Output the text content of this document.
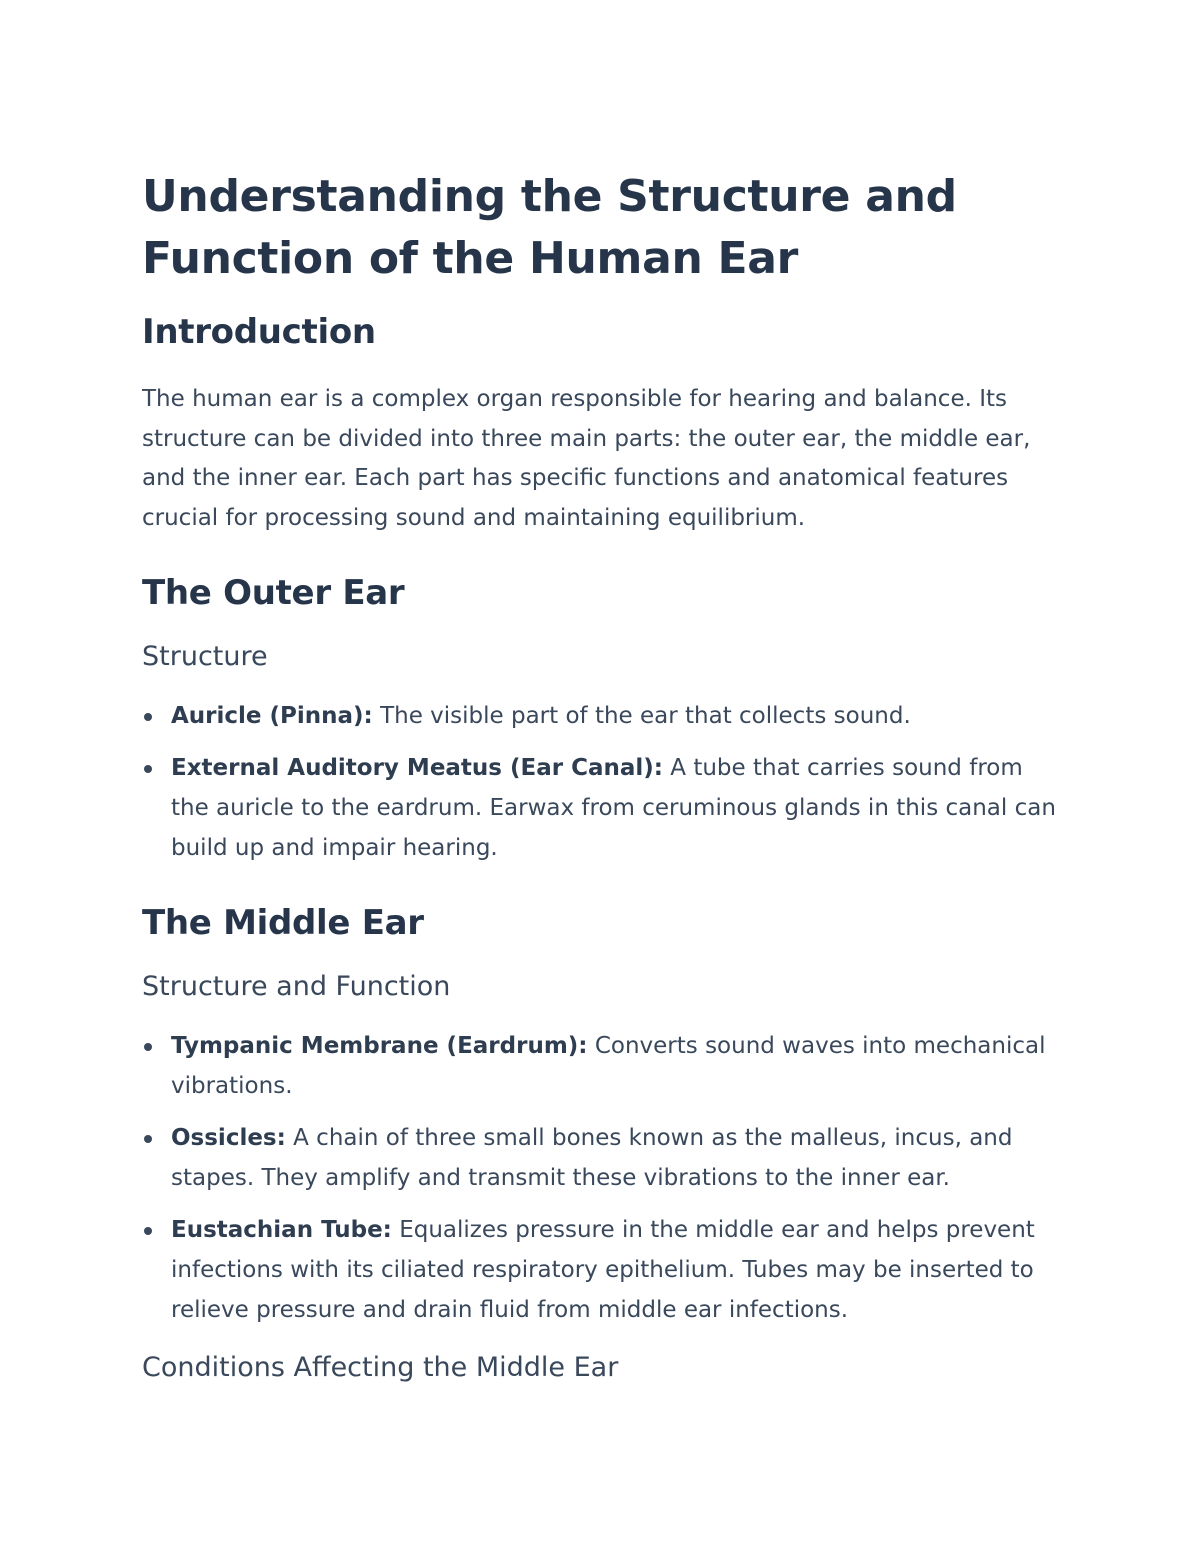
Understanding the Structure and Function of the Human Ear
Introduction

The human ear is a complex organ responsible for hearing and balance. Its structure can be divided into three main parts: the outer ear, the middle ear, and the inner ear. Each part has specific functions and anatomical features crucial for processing sound and maintaining equilibrium.

The Outer Ear
Structure
Auricle (Pinna): The visible part of the ear that collects sound.
External Auditory Meatus (Ear Canal): A tube that carries sound from the auricle to the eardrum. Earwax from ceruminous glands in this canal can build up and impair hearing.
The Middle Ear
Structure and Function
Tympanic Membrane (Eardrum): Converts sound waves into mechanical vibrations.
Ossicles: A chain of three small bones known as the malleus, incus, and stapes. They amplify and transmit these vibrations to the inner ear.
Eustachian Tube: Equalizes pressure in the middle ear and helps prevent infections with its ciliated respiratory epithelium. Tubes may be inserted to relieve pressure and drain fluid from middle ear infections.
Conditions Affecting the Middle Ear
